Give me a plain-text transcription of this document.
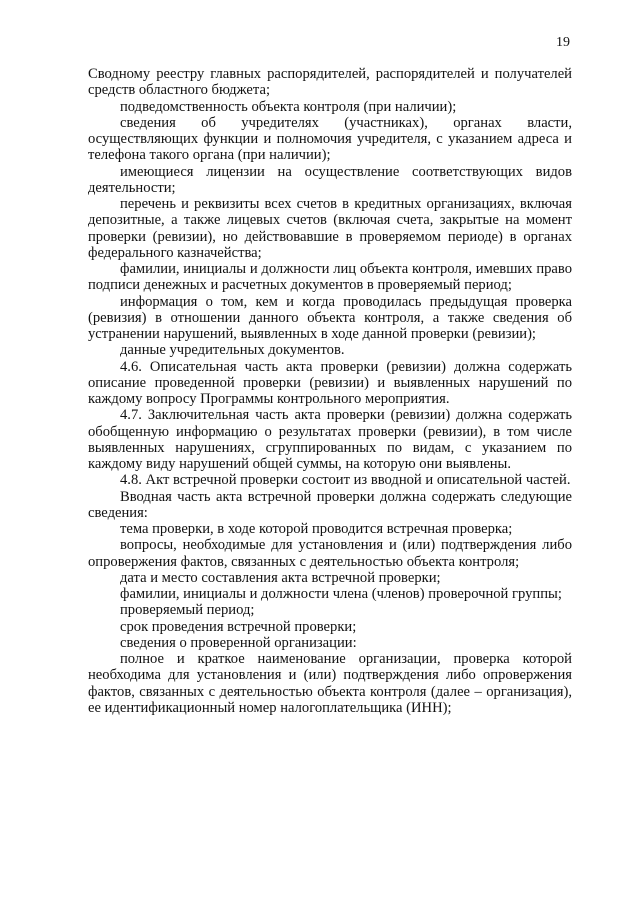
19

Сводному реестру главных распорядителей, распорядителей и получателей средств областного бюджета;

подведомственность объекта контроля (при наличии);

сведения об учредителях (участниках), органах власти, осуществляющих функции и полномочия учредителя, с указанием адреса и телефона такого органа (при наличии);

имеющиеся лицензии на осуществление соответствующих видов деятельности;

перечень и реквизиты всех счетов в кредитных организациях, включая депозитные, а также лицевых счетов (включая счета, закрытые на момент проверки (ревизии), но действовавшие в проверяемом периоде) в органах федерального казначейства;

фамилии, инициалы и должности лиц объекта контроля, имевших право подписи денежных и расчетных документов в проверяемый период;

информация о том, кем и когда проводилась предыдущая проверка (ревизия) в отношении данного объекта контроля, а также сведения об устранении нарушений, выявленных в ходе данной проверки (ревизии);

данные учредительных документов.

4.6. Описательная часть акта проверки (ревизии) должна содержать описание проведенной проверки (ревизии) и выявленных нарушений по каждому вопросу Программы контрольного мероприятия.

4.7. Заключительная часть акта проверки (ревизии) должна содержать обобщенную информацию о результатах проверки (ревизии), в том числе выявленных нарушениях, сгруппированных по видам, с указанием по каждому виду нарушений общей суммы, на которую они выявлены.

4.8. Акт встречной проверки состоит из вводной и описательной частей.

Вводная часть акта встречной проверки должна содержать следующие сведения:

тема проверки, в ходе которой проводится встречная проверка;

вопросы, необходимые для установления и (или) подтверждения либо опровержения фактов, связанных с деятельностью объекта контроля;

дата и место составления акта встречной проверки;

фамилии, инициалы и должности члена (членов) проверочной группы;

проверяемый период;

срок проведения встречной проверки;

сведения о проверенной организации:

полное и краткое наименование организации, проверка которой необходима для установления и (или) подтверждения либо опровержения фактов, связанных с деятельностью объекта контроля (далее – организация), ее идентификационный номер налогоплательщика (ИНН);
